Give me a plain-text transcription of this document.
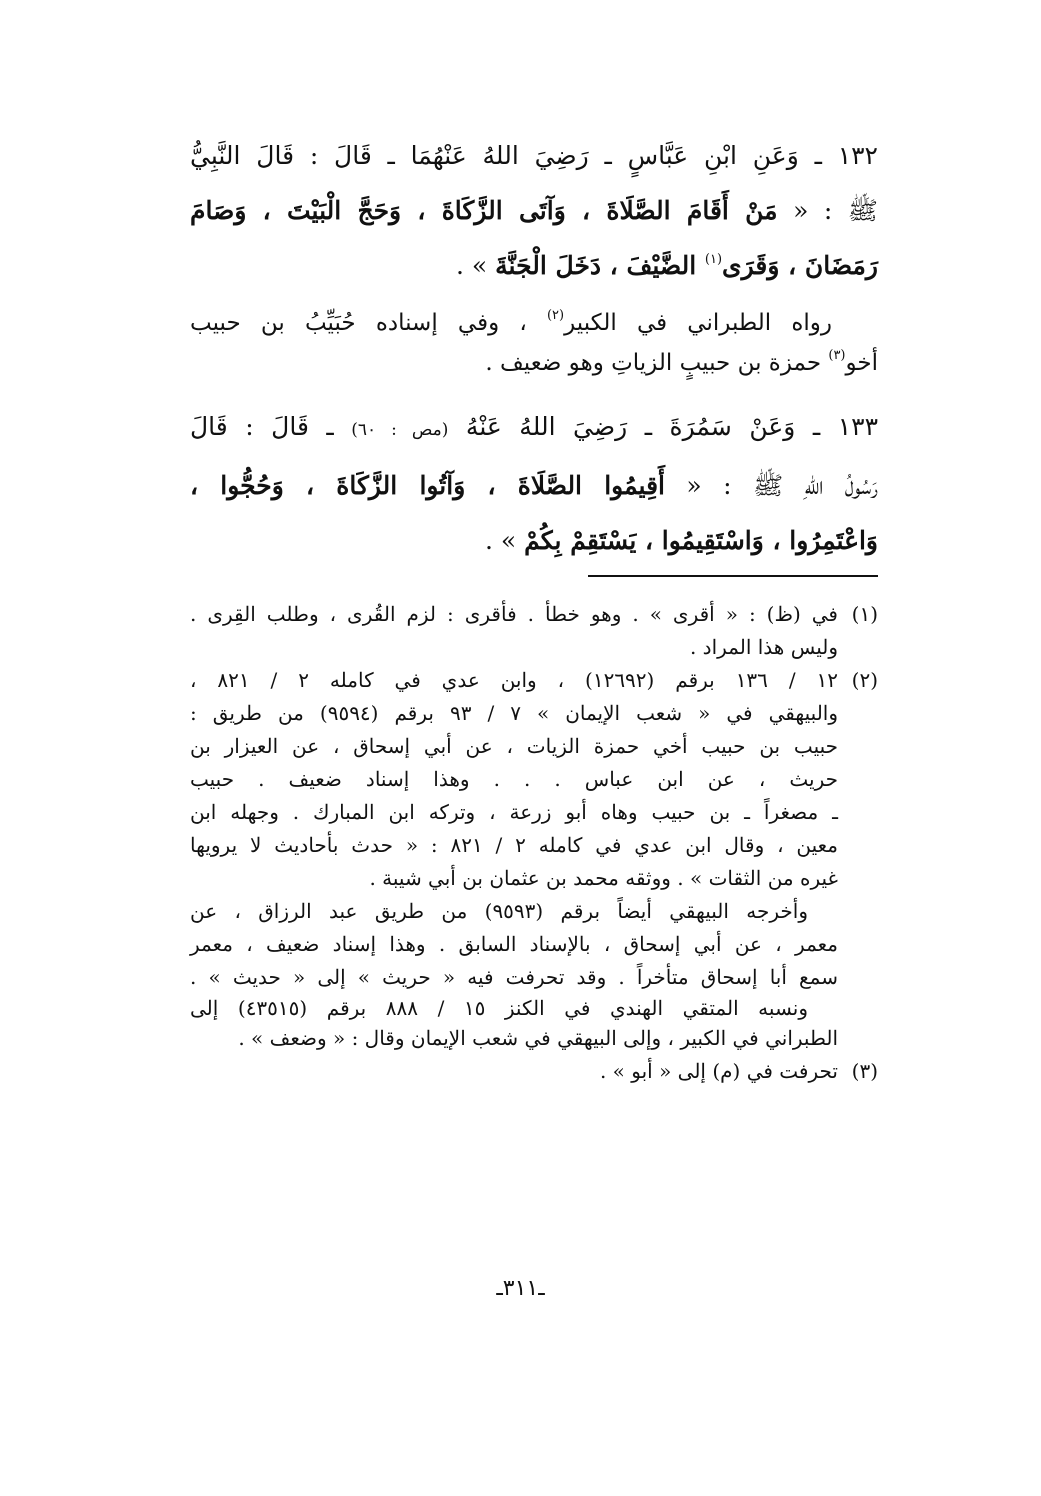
١٣٢ ـ وَعَنِ ابْنِ عَبَّاسٍ ـ رَضِيَ اللهُ عَنْهُمَا ـ قَالَ : قَالَ النَّبِيُّ
ﷺ : « مَنْ أَقَامَ الصَّلَاةَ ، وَآتَى الزَّكَاةَ ، وَحَجَّ الْبَيْتَ ، وَصَامَ
رَمَضَانَ ، وَقَرَى$^{(١)}$ الضَّيْفَ ، دَخَلَ الْجَنَّةَ » .
رواه الطبراني في الكبير$^{(٢)}$ ، وفي إسناده حُبَيِّبُ بن حبيب
أخو$^{(٣)}$ حمزة بن حبيبٍ الزياتِ وهو ضعيف .
١٣٣ ـ وَعَنْ سَمُرَةَ ـ رَضِيَ اللهُ عَنْهُ (مص : ٦٠) ـ قَالَ : قَالَ
رَسُولُ اللهِ ﷺ : « أَقِيمُوا الصَّلَاةَ ، وَآتُوا الزَّكَاةَ ، وَحُجُّوا ،
وَاعْتَمِرُوا ، وَاسْتَقِيمُوا ، يَسْتَقِمْ بِكُمْ » .
(١)
في (ظ) : « أقرى » . وهو خطأ . فأقرى : لزم القُرى ، وطلب القِرى .
وليس هذا المراد .
(٢)
١٢ / ١٣٦ برقم (١٢٦٩٢) ، وابن عدي في كامله ٢ / ٨٢١ ،
والبيهقي في « شعب الإيمان » ٧ / ٩٣ برقم (٩٥٩٤) من طريق :
حبيب بن حبيب أخي حمزة الزيات ، عن أبي إسحاق ، عن العيزار بن
حريث ، عن ابن عباس . . . وهذا إسناد ضعيف . حبيب
ـ مصغراً ـ بن حبيب وهاه أبو زرعة ، وتركه ابن المبارك . وجهله ابن
معين ، وقال ابن عدي في كامله ٢ / ٨٢١ : « حدث بأحاديث لا يرويها
غيره من الثقات » . ووثقه محمد بن عثمان بن أبي شيبة .
وأخرجه البيهقي أيضاً برقم (٩٥٩٣) من طريق عبد الرزاق ، عن
معمر ، عن أبي إسحاق ، بالإسناد السابق . وهذا إسناد ضعيف ، معمر
سمع أبا إسحاق متأخراً . وقد تحرفت فيه « حريث » إلى « حديث » .
ونسبه المتقي الهندي في الكنز ١٥ / ٨٨٨ برقم (٤٣٥١٥) إلى
الطبراني في الكبير ، وإلى البيهقي في شعب الإيمان وقال : « وضعف » .
(٣)
تحرفت في (م) إلى « أبو » .
ـ٣١١ـ
